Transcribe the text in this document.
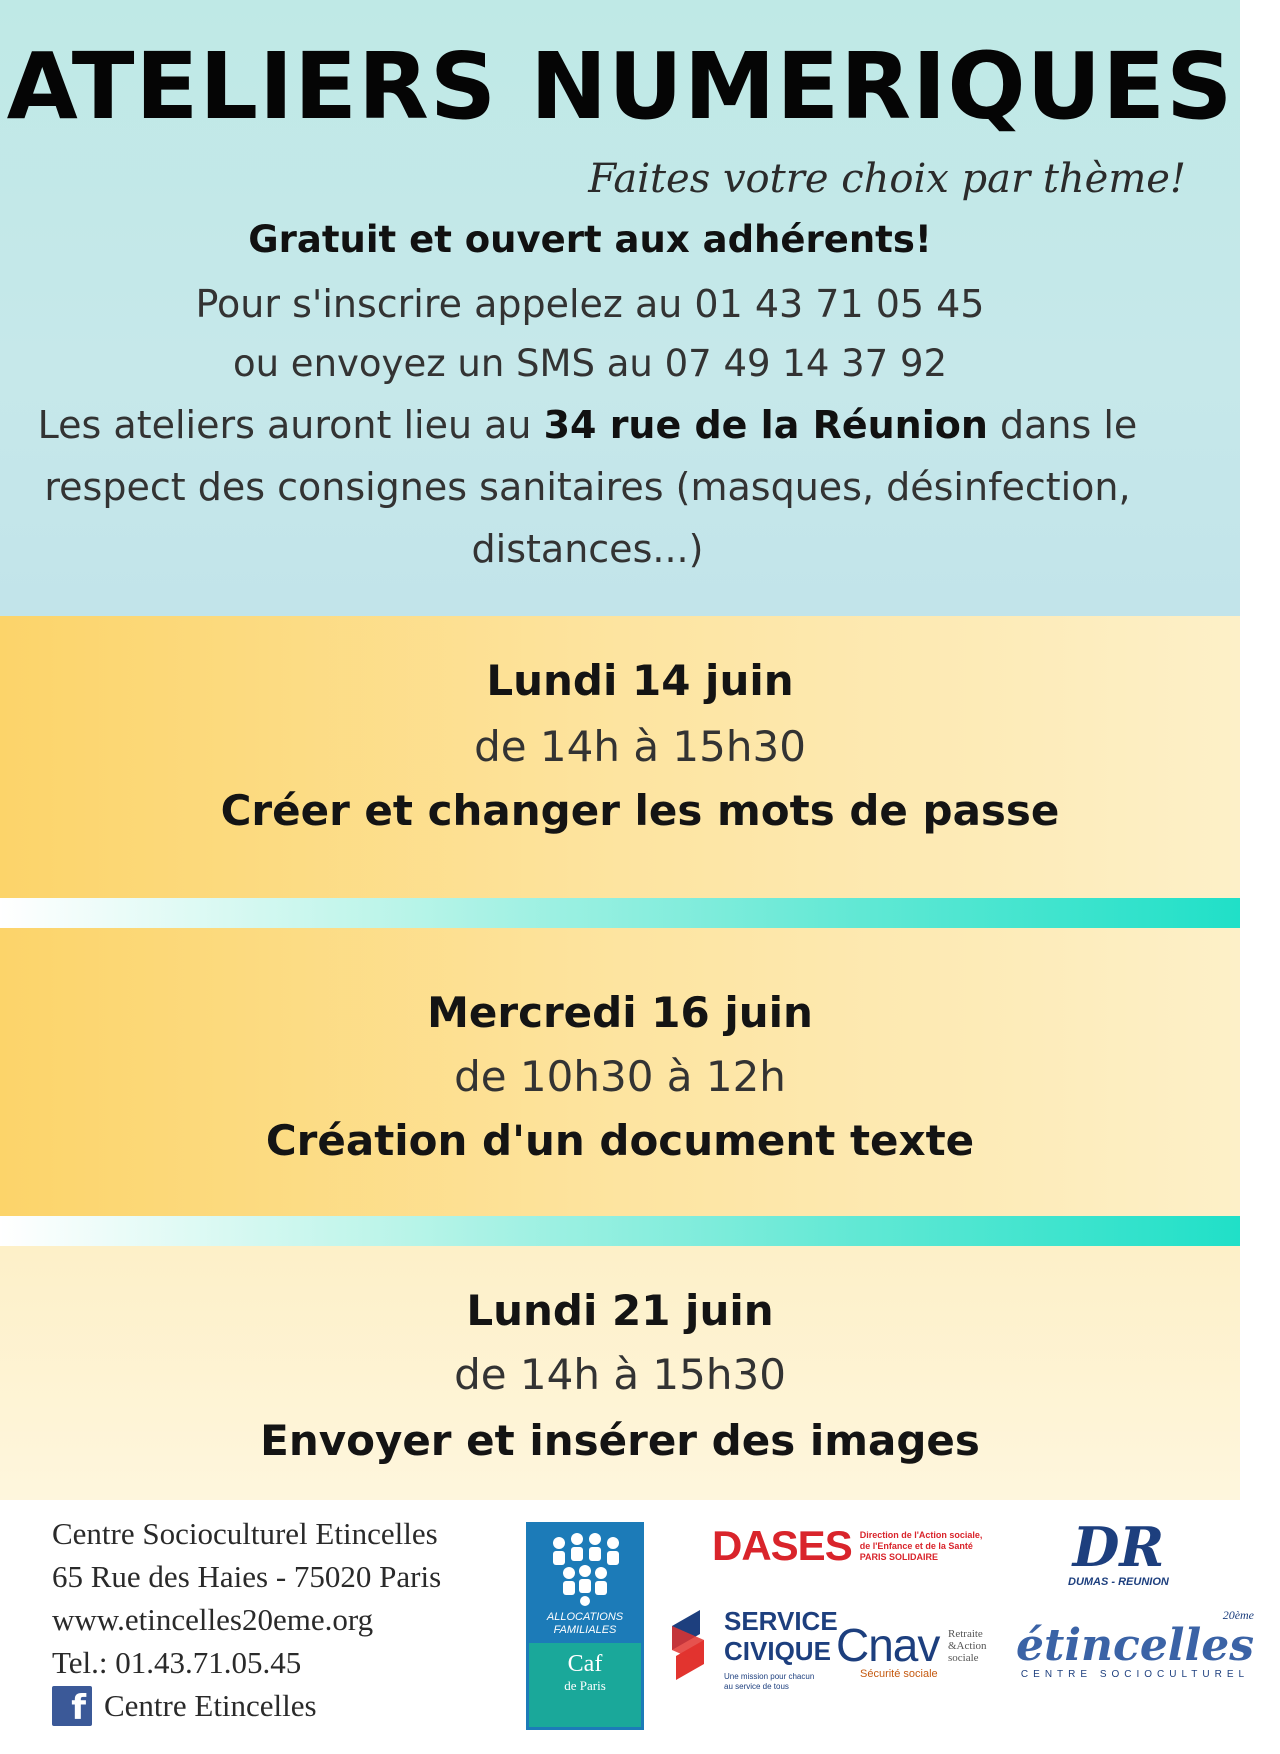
ATELIERS NUMERIQUES
Faites votre choix par thème!
Gratuit et ouvert aux adhérents!
Pour s'inscrire appelez au 01 43 71 05 45
ou envoyez un SMS au 07 49 14 37 92
Les ateliers auront lieu au 34 rue de la Réunion dans le respect des consignes sanitaires (masques, désinfection, distances...)
Lundi 14 juin
de 14h à 15h30
Créer et changer les mots de passe
Mercredi 16 juin
de 10h30 à 12h
Création d'un document texte
Lundi 21 juin
de 14h à 15h30
Envoyer et insérer des images
Centre Socioculturel Etincelles
65 Rue des Haies - 75020 Paris
www.etincelles20eme.org
Tel.: 01.43.71.05.45
f Centre Etincelles
ALLOCATIONS
FAMILIALES
Caf
de Paris
DASES Direction de l'Action sociale,
de l'Enfance et de la Santé
PARIS SOLIDAIRE	DR
DUMAS - REUNION
SERVICE
CIVIQUE
Une mission pour chacun
au service de tous
Cnav Retraite
&Action
sociale
Sécurité sociale
20ème
étincelles
CENTRE SOCIOCULTUREL
